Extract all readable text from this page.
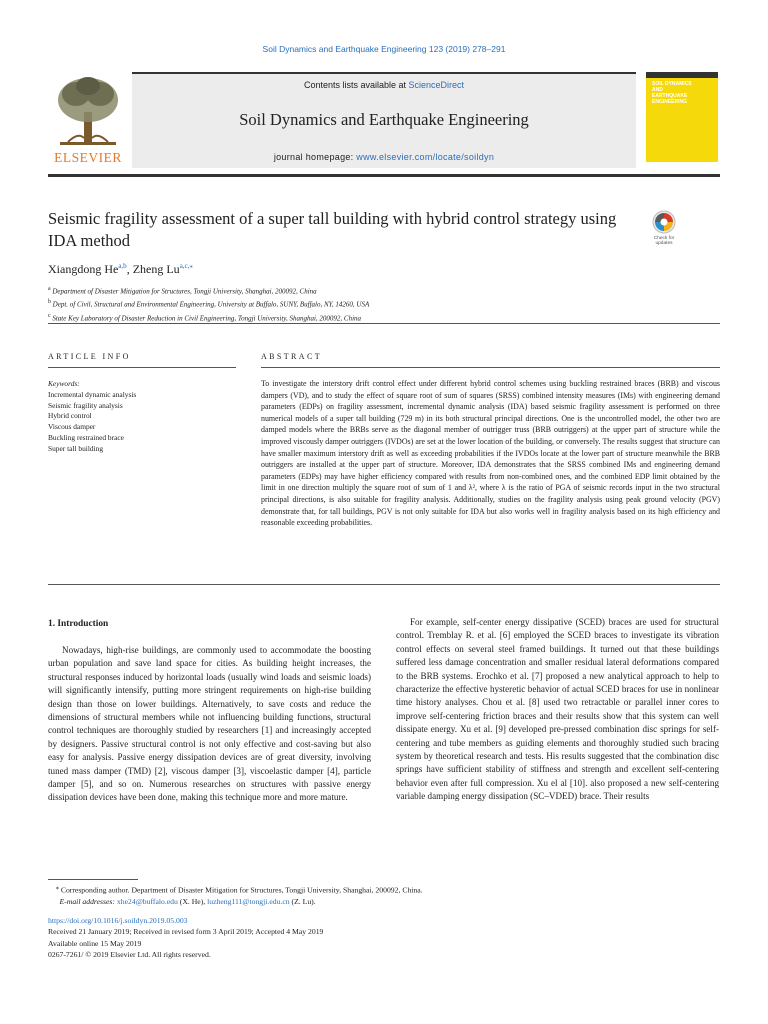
Soil Dynamics and Earthquake Engineering 123 (2019) 278–291
ELSEVIER
Contents lists available at ScienceDirect
Soil Dynamics and Earthquake Engineering
journal homepage: www.elsevier.com/locate/soildyn
SOIL DYNAMICS AND EARTHQUAKE ENGINEERING
Seismic fragility assessment of a super tall building with hybrid control strategy using IDA method	Check for updates
Xiangdong He$^{a,b}$, Zheng $Lu^{a,c,⁎}$
$^a$ Department of Disaster Mitigation for Structures, Tongji University, Shanghai, 200092, China
$^b$ Dept. of Civil, Structural and Environmental Engineering, University at Buffalo, SUNY, Buffalo, NY, 14260, USA
$^c$ State Key Laboratory of Disaster Reduction in Civil Engineering, Tongji University, Shanghai, 200092, China
ARTICLE INFO	ABSTRACT
Keywords:
Incremental dynamic analysis
Seismic fragility analysis
Hybrid control
Viscous damper
Buckling restrained brace
Super tall building
To investigate the interstory drift control effect under different hybrid control schemes using buckling restrained braces (BRB) and viscous dampers (VD), and to study the effect of square root of sum of squares (SRSS) combined intensity measures (IMs) with engineering demand parameters (EDPs) on fragility assessment, incremental dynamic analysis (IDA) based seismic fragility assessment is performed on three numerical models of a super tall building (729 m) in its both structural principal directions. One is the uncontrolled model, the other two are damped models where the BRBs serve as the diagonal member of outrigger truss (BRB outriggers) at the upper part of structure while the improved viscously damper outriggers (IVDOs) are set at the lower location of the building, or conversely. The results suggest that structure can have smaller maximum interstory drift as well as exceeding probabilities if the IVDOs locate at the lower part of structure meanwhile the BRB outriggers are installed at the upper part of structure. Moreover, IDA demonstrates that the SRSS combined IMs and engineering demand parameters (EDPs) may have higher efficiency compared with results from non-combined ones, and the combined EDP limit obtained by the limit in one direction multiply the square root of sum of 1 and λ², where λ is the ratio of PGA of seismic records input in the two structural principal directions, is also suitable for fragility analysis. Additionally, studies on the fragility analysis using peak ground velocity (PGV) demonstrate that, for tall buildings, PGV is not only suitable for IDA but also works well in fragility analysis based on its high efficiency and reasonable exceeding probabilities.
1. Introduction
Nowadays, high-rise buildings, are commonly used to accommodate the boosting urban population and save land space for cities. As building height increases, the structural responses induced by horizontal loads (usually wind loads and seismic loads) will significantly intensify, putting more stringent requirements on high-rise building design than those on lower buildings. Alternatively, to save costs and reduce the dimensions of structural members while not influencing building functions, structural control techniques are thoroughly studied by researchers [1] and increasingly accepted by designers. Passive structural control is not only effective and cost-saving but also easy for analysis. Passive energy dissipation devices are of great diversity, involving tuned mass damper (TMD) [2], viscous damper [3], viscoelastic damper [4], particle damper [5], and so on. Numerous researches on structures with passive energy dissipation devices have been done, making this technique more and more mature.
For example, self-center energy dissipative (SCED) braces are used for structural control. Tremblay R. et al. [6] employed the SCED braces to investigate its vibration control effects on several steel framed buildings. It turned out that these buildings suffered less damage concentration and smaller residual lateral deformations compared to the BRB systems. Erochko et al. [7] proposed a new analytical approach to help to characterize the effective hysteretic behavior of actual SCED braces for use in nonlinear time history analyses. Chou et al. [8] used two retractable or parallel inner cores to improve self-centering friction braces and their results show that this system can well dissipate energy. Xu et al. [9] developed pre-pressed combination disc springs for self-centering and tube members as guiding elements and thoroughly studied such bracing system by theoretical research and tests. His results suggested that the combination disc springs have sufficient stability of stiffness and strength and excellent self-centering behavior even after full compression. Xu el al [10]. also proposed a new self-centering variable damping energy dissipation (SC–VDED) brace. Their results
⁎ Corresponding author. Department of Disaster Mitigation for Structures, Tongji University, Shanghai, 200092, China.
E-mail addresses: xhe24@buffalo.edu (X. He), luzheng111@tongji.edu.cn (Z. Lu).
https://doi.org/10.1016/j.soildyn.2019.05.003
Received 21 January 2019; Received in revised form 3 April 2019; Accepted 4 May 2019
Available online 15 May 2019
0267-7261/ © 2019 Elsevier Ltd. All rights reserved.
